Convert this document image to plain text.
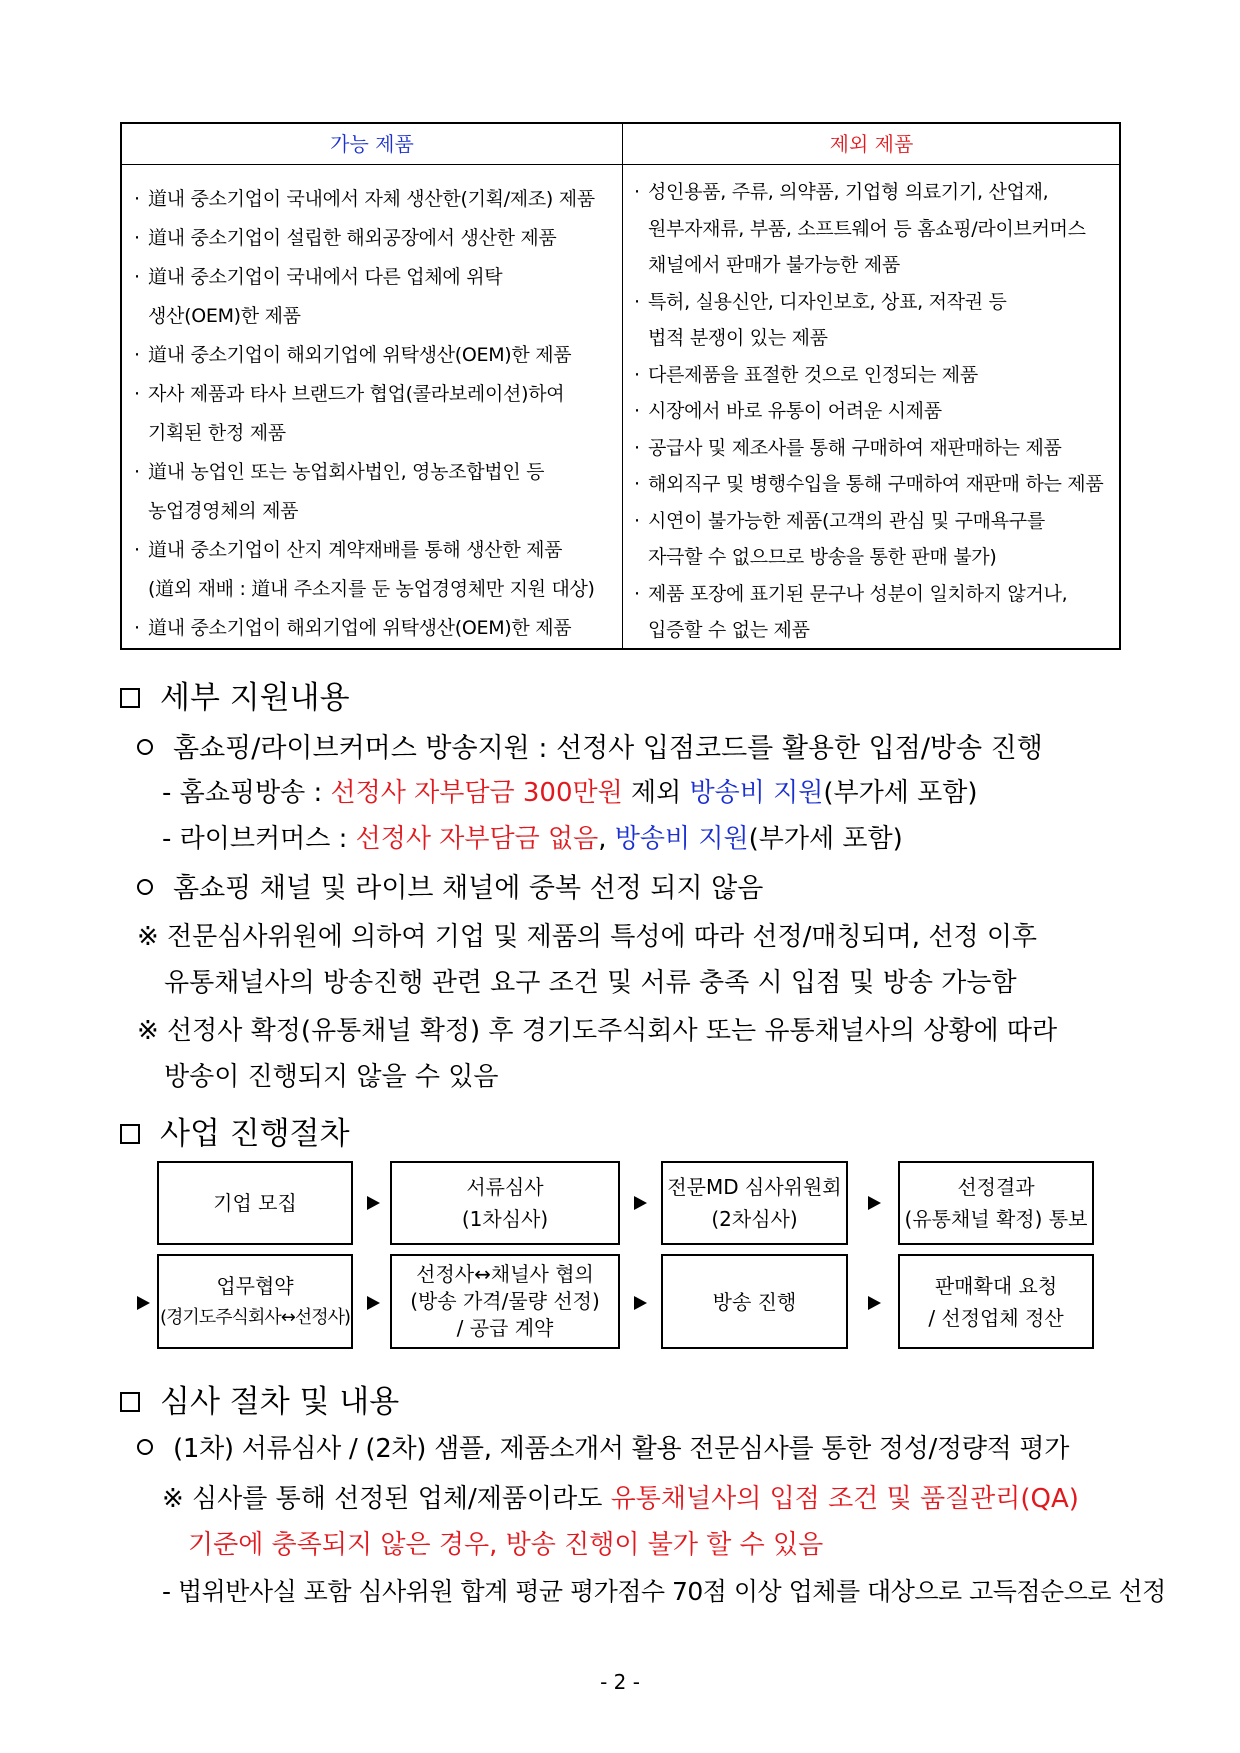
가능 제품	제외 제품
· 道내 중소기업이 국내에서 자체 생산한(기획/제조) 제품
· 道내 중소기업이 설립한 해외공장에서 생산한 제품
· 道내 중소기업이 국내에서 다른 업체에 위탁
생산(OEM)한 제품
· 道내 중소기업이 해외기업에 위탁생산(OEM)한 제품
· 자사 제품과 타사 브랜드가 협업(콜라보레이션)하여
기획된 한정 제품
· 道내 농업인 또는 농업회사법인, 영농조합법인 등
농업경영체의 제품
· 道내 중소기업이 산지 계약재배를 통해 생산한 제품
(道외 재배 : 道내 주소지를 둔 농업경영체만 지원 대상)
· 道내 중소기업이 해외기업에 위탁생산(OEM)한 제품
· 성인용품, 주류, 의약품, 기업형 의료기기, 산업재,
원부자재류, 부품, 소프트웨어 등 홈쇼핑/라이브커머스
채널에서 판매가 불가능한 제품
· 특허, 실용신안, 디자인보호, 상표, 저작권 등
법적 분쟁이 있는 제품
· 다른제품을 표절한 것으로 인정되는 제품
· 시장에서 바로 유통이 어려운 시제품
· 공급사 및 제조사를 통해 구매하여 재판매하는 제품
· 해외직구 및 병행수입을 통해 구매하여 재판매 하는 제품
· 시연이 불가능한 제품(고객의 관심 및 구매욕구를
자극할 수 없으므로 방송을 통한 판매 불가)
· 제품 포장에 표기된 문구나 성분이 일치하지 않거나,
입증할 수 없는 제품
세부 지원내용
홈쇼핑/라이브커머스 방송지원 : 선정사 입점코드를 활용한 입점/방송 진행
- 홈쇼핑방송 : 선정사 자부담금 300만원 제외 방송비 지원(부가세 포함)
- 라이브커머스 : 선정사 자부담금 없음, 방송비 지원(부가세 포함)
홈쇼핑 채널 및 라이브 채널에 중복 선정 되지 않음
※ 전문심사위원에 의하여 기업 및 제품의 특성에 따라 선정/매칭되며, 선정 이후
유통채널사의 방송진행 관련 요구 조건 및 서류 충족 시 입점 및 방송 가능함
※ 선정사 확정(유통채널 확정) 후 경기도주식회사 또는 유통채널사의 상황에 따라
방송이 진행되지 않을 수 있음
사업 진행절차
기업 모집
서류심사
(1차심사)
전문MD 심사위원회
(2차심사)
선정결과
(유통채널 확정) 통보
업무협약
(경기도주식회사↔선정사)
선정사↔채널사 협의
(방송 가격/물량 선정)
/ 공급 계약
방송 진행
판매확대 요청
/ 선정업체 정산
심사 절차 및 내용
(1차) 서류심사 / (2차) 샘플, 제품소개서 활용 전문심사를 통한 정성/정량적 평가
※ 심사를 통해 선정된 업체/제품이라도 유통채널사의 입점 조건 및 품질관리(QA)
기준에 충족되지 않은 경우, 방송 진행이 불가 할 수 있음
- 법위반사실 포함 심사위원 합계 평균 평가점수 70점 이상 업체를 대상으로 고득점순으로 선정
- 2 -
